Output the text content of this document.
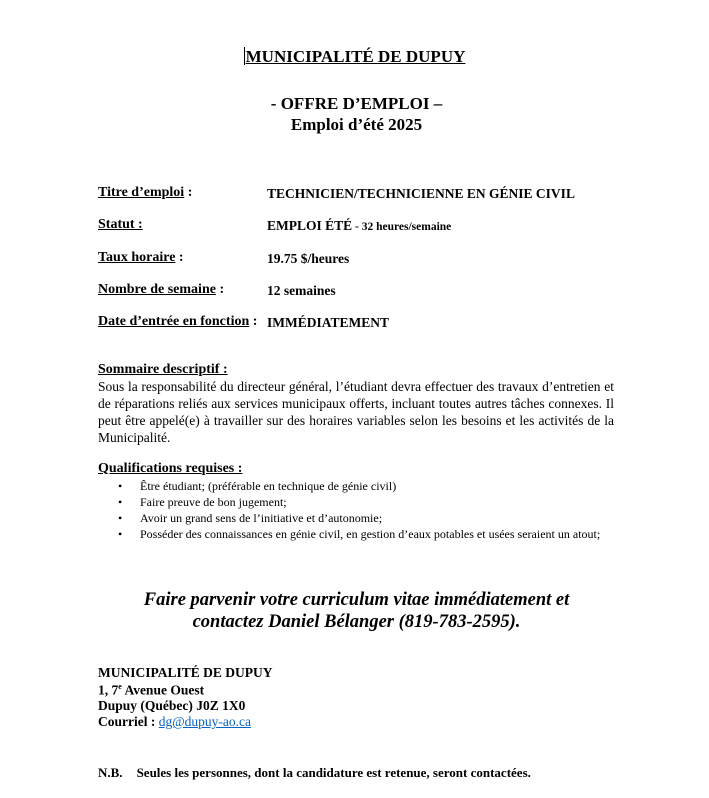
MUNICIPALITÉ DE DUPUY
- OFFRE D’EMPLOI –
Emploi d’été 2025
Titre d’emploi :	TECHNICIEN/TECHNICIENNE EN GÉNIE CIVIL
Statut :	EMPLOI ÉTÉ - 32 heures/semaine
Taux horaire :	19.75 $/heures
Nombre de semaine :	12 semaines
Date d’entrée en fonction : IMMÉDIATEMENT
Sommaire descriptif :
Sous la responsabilité du directeur général, l’étudiant devra effectuer des travaux d’entretien et de réparations reliés aux services municipaux offerts, incluant toutes autres tâches connexes. Il peut être appelé(e) à travailler sur des horaires variables selon les besoins et les activités de la Municipalité.
Qualifications requises :
• Être étudiant; (préférable en technique de génie civil)
• Faire preuve de bon jugement;
• Avoir un grand sens de l’initiative et d’autonomie;
• Posséder des connaissances en génie civil, en gestion d’eaux potables et usées seraient un atout;
Faire parvenir votre curriculum vitae immédiatement et
contactez Daniel Bélanger (819-783-2595).
MUNICIPALITÉ DE DUPUY
1, 7e Avenue Ouest
Dupuy (Québec) J0Z 1X0
Courriel : dg@dupuy-ao.ca
N.B. Seules les personnes, dont la candidature est retenue, seront contactées.
